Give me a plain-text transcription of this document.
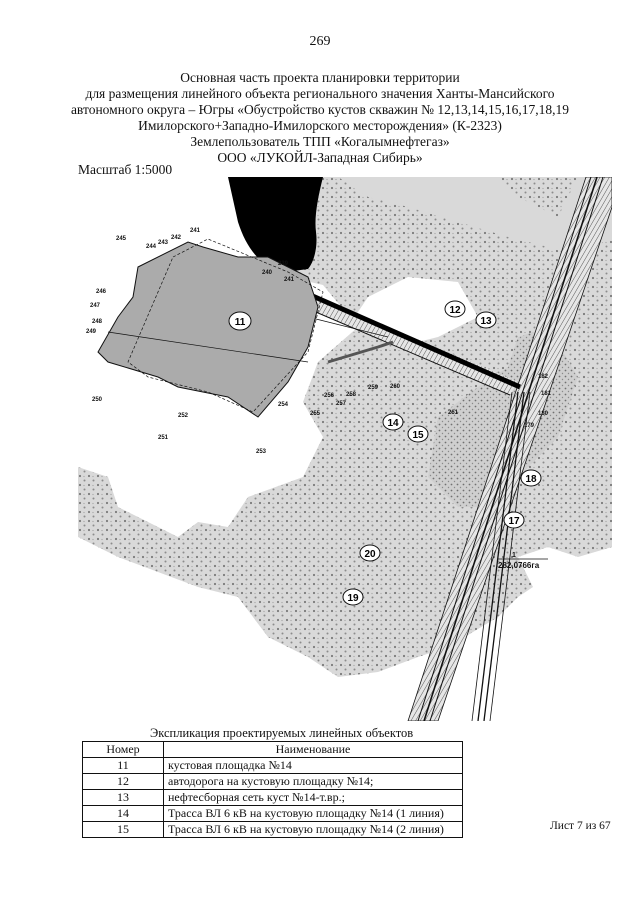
269
Основная часть проекта планировки территории
для размещения линейного объекта регионального значения Ханты-Мансийского
автономного округа – Югры «Обустройство кустов скважин № 12,13,14,15,16,17,18,19
Имилорского+Западно-Имилорского месторождения» (К-2323)
Землепользователь ТПП «Когалымнефтегаз»
ООО «ЛУКОЙЛ-Западная Сибирь»
Масштаб 1:5000
245
244
243
242
241
246
247
248
249
250
251
252
253
254
255
256
257
258
259 260
261
179
180
181
182
239
240
241
11
12
13
14
15
18
17
20
19
1
282,0766га
Экспликация проектируемых линейных объектов
Номер	Наименование
11	кустовая площадка №14
12	автодорога на кустовую площадку №14;
13	нефтесборная сеть куст №14-т.вр.;
14	Трасса ВЛ 6 кВ на кустовую площадку №14 (1 линия)
15	Трасса ВЛ 6 кВ на кустовую площадку №14 (2 линия)	Лист 7 из 67
